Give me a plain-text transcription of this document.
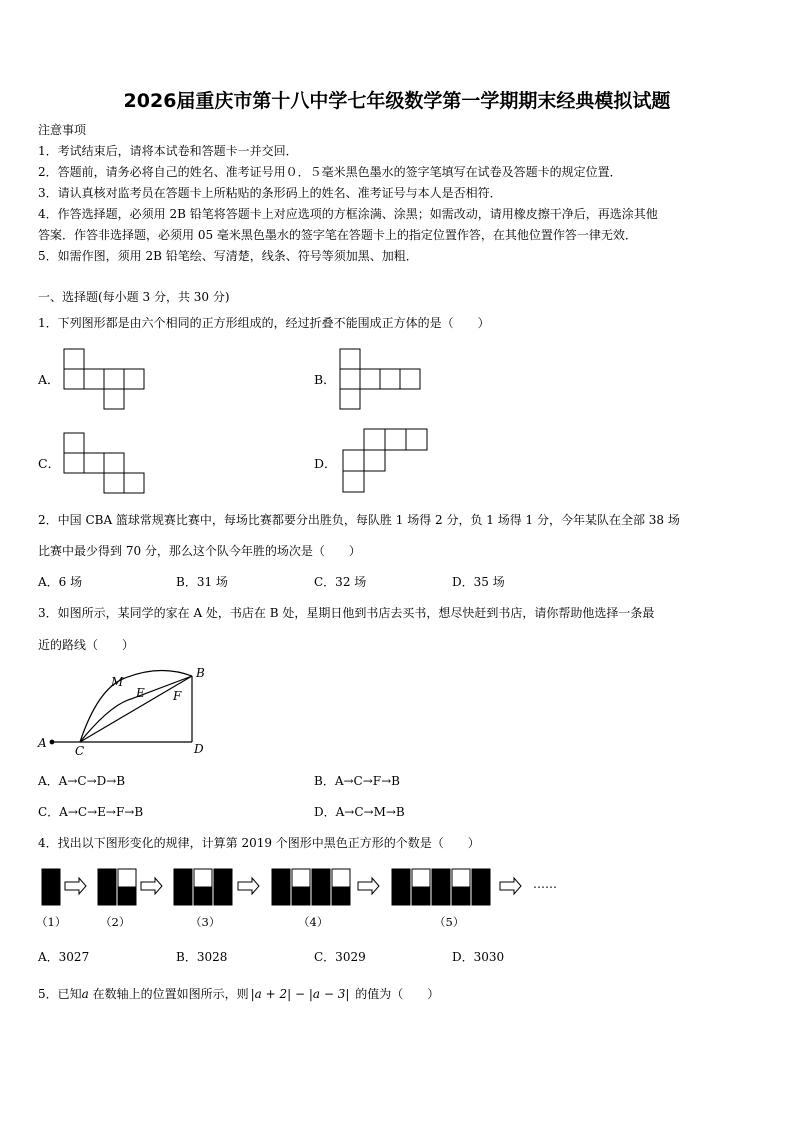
2026届重庆市第十八中学七年级数学第一学期期末经典模拟试题
注意事项
1．考试结束后，请将本试卷和答题卡一并交回．
2．答题前，请务必将自己的姓名、准考证号用０．５毫米黑色墨水的签字笔填写在试卷及答题卡的规定位置．
3．请认真核对监考员在答题卡上所粘贴的条形码上的姓名、准考证号与本人是否相符．
4．作答选择题，必须用 2B 铅笔将答题卡上对应选项的方框涂满、涂黑；如需改动，请用橡皮擦干净后，再选涂其他
答案．作答非选择题，必须用 05 毫米黑色墨水的签字笔在答题卡上的指定位置作答，在其他位置作答一律无效．
5．如需作图，须用 2B 铅笔绘、写清楚，线条、符号等须加黑、加粗．
一、选择题(每小题 3 分，共 30 分)
1．下列图形都是由六个相同的正方形组成的，经过折叠不能围成正方体的是（　　）
A．	B．
C．	D．
2．中国 CBA 篮球常规赛比赛中，每场比赛都要分出胜负，每队胜 1 场得 2 分，负 1 场得 1 分，今年某队在全部 38 场
比赛中最少得到 70 分，那么这个队今年胜的场次是（　　）
A．6 场	B．31 场	C．32 场	D．35 场
3．如图所示，某同学的家在 A 处，书店在 B 处，星期日他到书店去买书，想尽快赶到书店，请你帮助他选择一条最
近的路线（　　）
A
B
C	D
E F
M
A．A→C→D→B	B．A→C→F→B
C．A→C→E→F→B	D．A→C→M→B
4．找出以下图形变化的规律，计算第 2019 个图形中黑色正方形的个数是（　　）
……
（1）	（2）	（3）	（4）	（5）
A．3027	B．3028	C．3029	D．3030
5．已知a 在数轴上的位置如图所示，则 |a + 2| − |a − 3| 的值为（　　）
